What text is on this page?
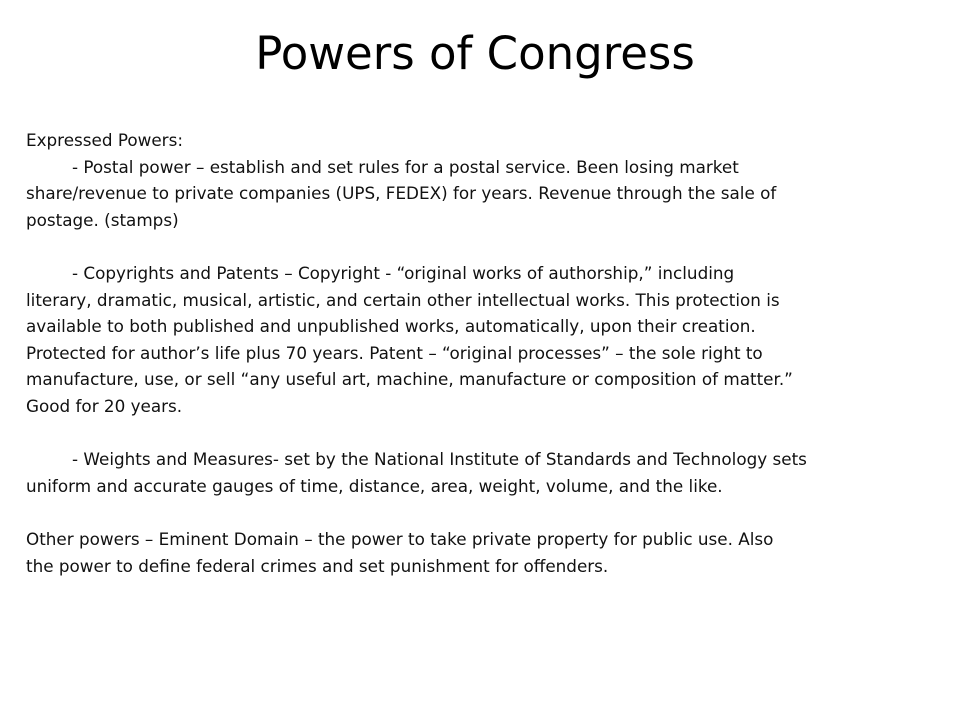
Powers of Congress
Expressed Powers:
- Postal power – establish and set rules for a postal service. Been losing market
share/revenue to private companies (UPS, FEDEX) for years. Revenue through the sale of
postage. (stamps)
- Copyrights and Patents – Copyright - “original works of authorship,” including
literary, dramatic, musical, artistic, and certain other intellectual works. This protection is
available to both published and unpublished works, automatically, upon their creation.
Protected for author’s life plus 70 years. Patent – “original processes” – the sole right to
manufacture, use, or sell “any useful art, machine, manufacture or composition of matter.”
Good for 20 years.
- Weights and Measures- set by the National Institute of Standards and Technology sets
uniform and accurate gauges of time, distance, area, weight, volume, and the like.
Other powers – Eminent Domain – the power to take private property for public use. Also
the power to define federal crimes and set punishment for offenders.
